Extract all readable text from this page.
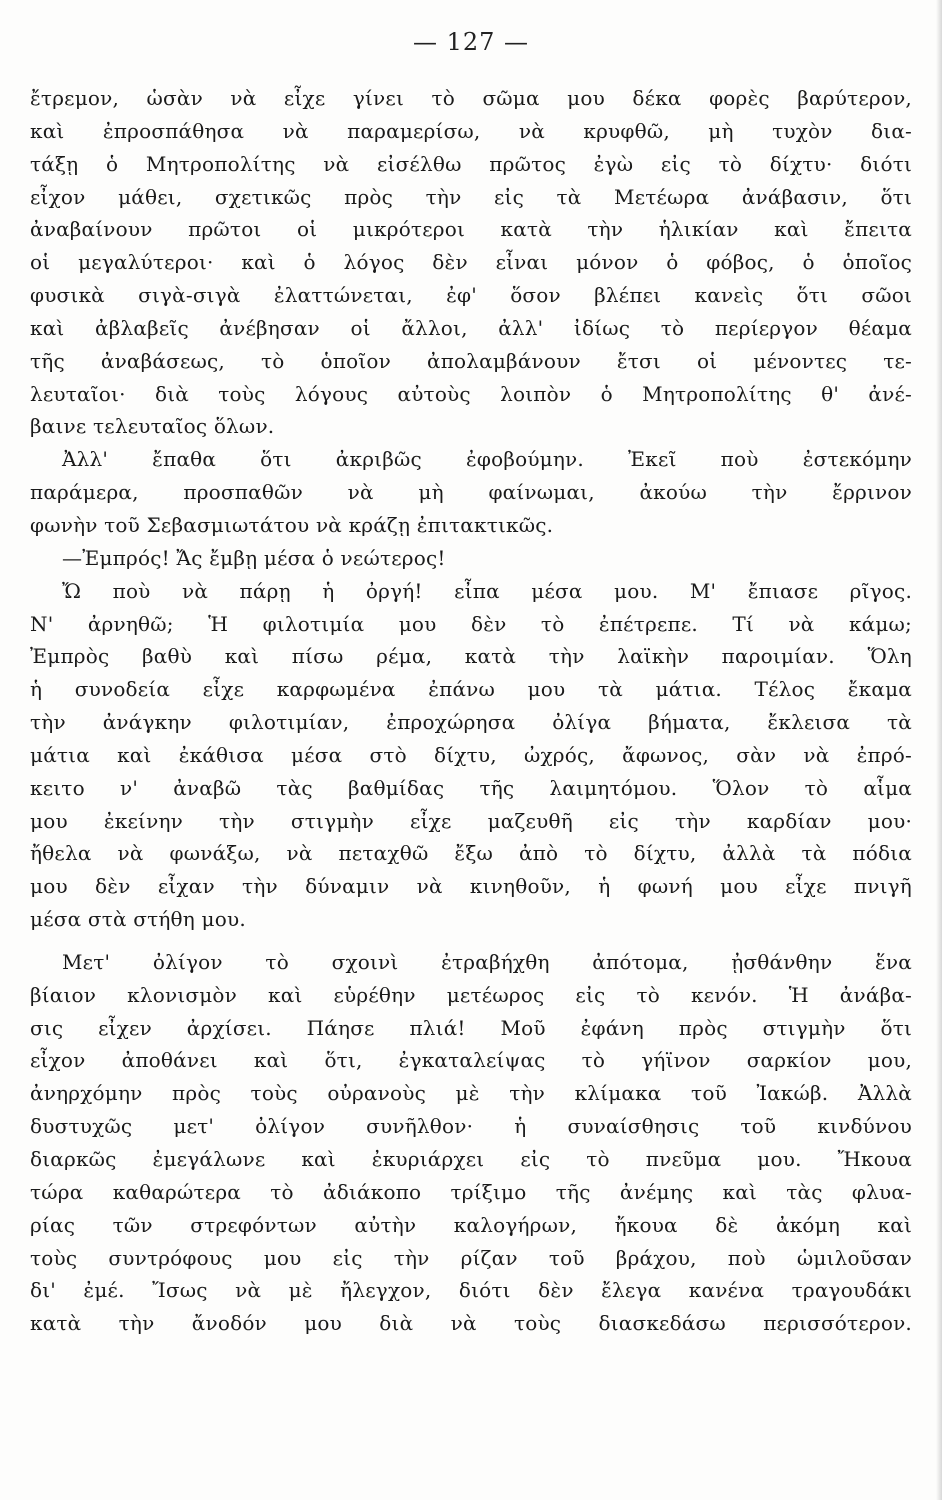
— 127 —
ἔτρεμον, ὡσὰν νὰ εἶχε γίνει τὸ σῶμα μου δέκα φορὲς βαρύτερον,
καὶ ἐπροσπάθησα νὰ παραμερίσω, νὰ κρυφθῶ, μὴ τυχὸν δια-
τάξῃ ὁ Μητροπολίτης νὰ εἰσέλθω πρῶτος ἐγὼ εἰς τὸ δίχτυ· διότι
εἶχον μάθει, σχετικῶς πρὸς τὴν εἰς τὰ Μετέωρα ἀνάβασιν, ὅτι
ἀναβαίνουν πρῶτοι οἱ μικρότεροι κατὰ τὴν ἡλικίαν καὶ ἔπειτα
οἱ μεγαλύτεροι· καὶ ὁ λόγος δὲν εἶναι μόνον ὁ φόβος, ὁ ὁποῖος
φυσικὰ σιγὰ-σιγὰ ἐλαττώνεται, ἐφ' ὅσον βλέπει κανεὶς ὅτι σῶοι
καὶ ἀβλαβεῖς ἀνέβησαν οἱ ἄλλοι, ἀλλ' ἰδίως τὸ περίεργον θέαμα
τῆς ἀναβάσεως, τὸ ὁποῖον ἀπολαμβάνουν ἔτσι οἱ μένοντες τε-
λευταῖοι· διὰ τοὺς λόγους αὐτοὺς λοιπὸν ὁ Μητροπολίτης θ' ἀνέ-
βαινε τελευταῖος ὅλων.
Ἀλλ' ἔπαθα ὅτι ἀκριβῶς ἐφοβούμην. Ἐκεῖ ποὺ ἐστεκόμην
παράμερα, προσπαθῶν νὰ μὴ φαίνωμαι, ἀκούω τὴν ἔρρινον
φωνὴν τοῦ Σεβασμιωτάτου νὰ κράζῃ ἐπιτακτικῶς.
—Ἐμπρός! Ἄς ἔμβῃ μέσα ὁ νεώτερος!
Ὤ ποὺ νὰ πάρῃ ἡ ὀργή! εἶπα μέσα μου. Μ' ἔπιασε ρῖγος.
Ν' ἀρνηθῶ; Ἡ φιλοτιμία μου δὲν τὸ ἐπέτρεπε. Τί νὰ κάμω;
Ἐμπρὸς βαθὺ καὶ πίσω ρέμα, κατὰ τὴν λαϊκὴν παροιμίαν. Ὅλη
ἡ συνοδεία εἶχε καρφωμένα ἐπάνω μου τὰ μάτια. Τέλος ἔκαμα
τὴν ἀνάγκην φιλοτιμίαν, ἐπροχώρησα ὀλίγα βήματα, ἔκλεισα τὰ
μάτια καὶ ἐκάθισα μέσα στὸ δίχτυ, ὠχρός, ἄφωνος, σὰν νὰ ἐπρό-
κειτο ν' ἀναβῶ τὰς βαθμίδας τῆς λαιμητόμου. Ὅλον τὸ αἷμα
μου ἐκείνην τὴν στιγμὴν εἶχε μαζευθῆ εἰς τὴν καρδίαν μου·
ἤθελα νὰ φωνάξω, νὰ πεταχθῶ ἔξω ἀπὸ τὸ δίχτυ, ἀλλὰ τὰ πόδια
μου δὲν εἶχαν τὴν δύναμιν νὰ κινηθοῦν, ἡ φωνή μου εἶχε πνιγῆ
μέσα στὰ στήθη μου.
Μετ' ὀλίγον τὸ σχοινὶ ἐτραβήχθη ἀπότομα, ᾐσθάνθην ἕνα
βίαιον κλονισμὸν καὶ εὑρέθην μετέωρος εἰς τὸ κενόν. Ἡ ἀνάβα-
σις εἶχεν ἀρχίσει. Πάησε πλιά! Μοῦ ἐφάνη πρὸς στιγμὴν ὅτι
εἶχον ἀποθάνει καὶ ὅτι, ἐγκαταλείψας τὸ γήϊνον σαρκίον μου,
ἀνηρχόμην πρὸς τοὺς οὐρανοὺς μὲ τὴν κλίμακα τοῦ Ἰακώβ. Ἀλλὰ
δυστυχῶς μετ' ὀλίγον συνῆλθον· ἡ συναίσθησις τοῦ κινδύνου
διαρκῶς ἐμεγάλωνε καὶ ἐκυριάρχει εἰς τὸ πνεῦμα μου. Ἤκουα
τώρα καθαρώτερα τὸ ἀδιάκοπο τρίξιμο τῆς ἀνέμης καὶ τὰς φλυα-
ρίας τῶν στρεφόντων αὐτὴν καλογήρων, ἤκουα δὲ ἀκόμη καὶ
τοὺς συντρόφους μου εἰς τὴν ρίζαν τοῦ βράχου, ποὺ ὡμιλοῦσαν
δι' ἐμέ. Ἴσως νὰ μὲ ἤλεγχον, διότι δὲν ἔλεγα κανένα τραγουδάκι
κατὰ τὴν ἄνοδόν μου διὰ νὰ τοὺς διασκεδάσω περισσότερον.
